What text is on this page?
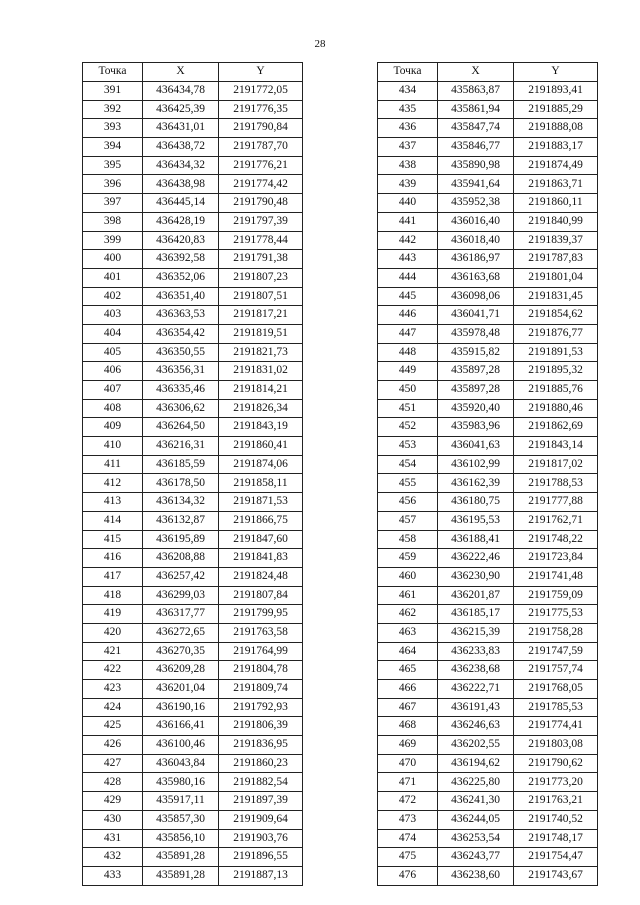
28
Точка	X	Y
391	436434,78	2191772,05
392	436425,39	2191776,35
393	436431,01	2191790,84
394	436438,72	2191787,70
395	436434,32	2191776,21
396	436438,98	2191774,42
397	436445,14	2191790,48
398	436428,19	2191797,39
399	436420,83	2191778,44
400	436392,58	2191791,38
401	436352,06	2191807,23
402	436351,40	2191807,51
403	436363,53	2191817,21
404	436354,42	2191819,51
405	436350,55	2191821,73
406	436356,31	2191831,02
407	436335,46	2191814,21
408	436306,62	2191826,34
409	436264,50	2191843,19
410	436216,31	2191860,41
411	436185,59	2191874,06
412	436178,50	2191858,11
413	436134,32	2191871,53
414	436132,87	2191866,75
415	436195,89	2191847,60
416	436208,88	2191841,83
417	436257,42	2191824,48
418	436299,03	2191807,84
419	436317,77	2191799,95
420	436272,65	2191763,58
421	436270,35	2191764,99
422	436209,28	2191804,78
423	436201,04	2191809,74
424	436190,16	2191792,93
425	436166,41	2191806,39
426	436100,46	2191836,95
427	436043,84	2191860,23
428	435980,16	2191882,54
429	435917,11	2191897,39
430	435857,30	2191909,64
431	435856,10	2191903,76
432	435891,28	2191896,55
433	435891,28	2191887,13
Точка	X	Y
434	435863,87	2191893,41
435	435861,94	2191885,29
436	435847,74	2191888,08
437	435846,77	2191883,17
438	435890,98	2191874,49
439	435941,64	2191863,71
440	435952,38	2191860,11
441	436016,40	2191840,99
442	436018,40	2191839,37
443	436186,97	2191787,83
444	436163,68	2191801,04
445	436098,06	2191831,45
446	436041,71	2191854,62
447	435978,48	2191876,77
448	435915,82	2191891,53
449	435897,28	2191895,32
450	435897,28	2191885,76
451	435920,40	2191880,46
452	435983,96	2191862,69
453	436041,63	2191843,14
454	436102,99	2191817,02
455	436162,39	2191788,53
456	436180,75	2191777,88
457	436195,53	2191762,71
458	436188,41	2191748,22
459	436222,46	2191723,84
460	436230,90	2191741,48
461	436201,87	2191759,09
462	436185,17	2191775,53
463	436215,39	2191758,28
464	436233,83	2191747,59
465	436238,68	2191757,74
466	436222,71	2191768,05
467	436191,43	2191785,53
468	436246,63	2191774,41
469	436202,55	2191803,08
470	436194,62	2191790,62
471	436225,80	2191773,20
472	436241,30	2191763,21
473	436244,05	2191740,52
474	436253,54	2191748,17
475	436243,77	2191754,47
476	436238,60	2191743,67
